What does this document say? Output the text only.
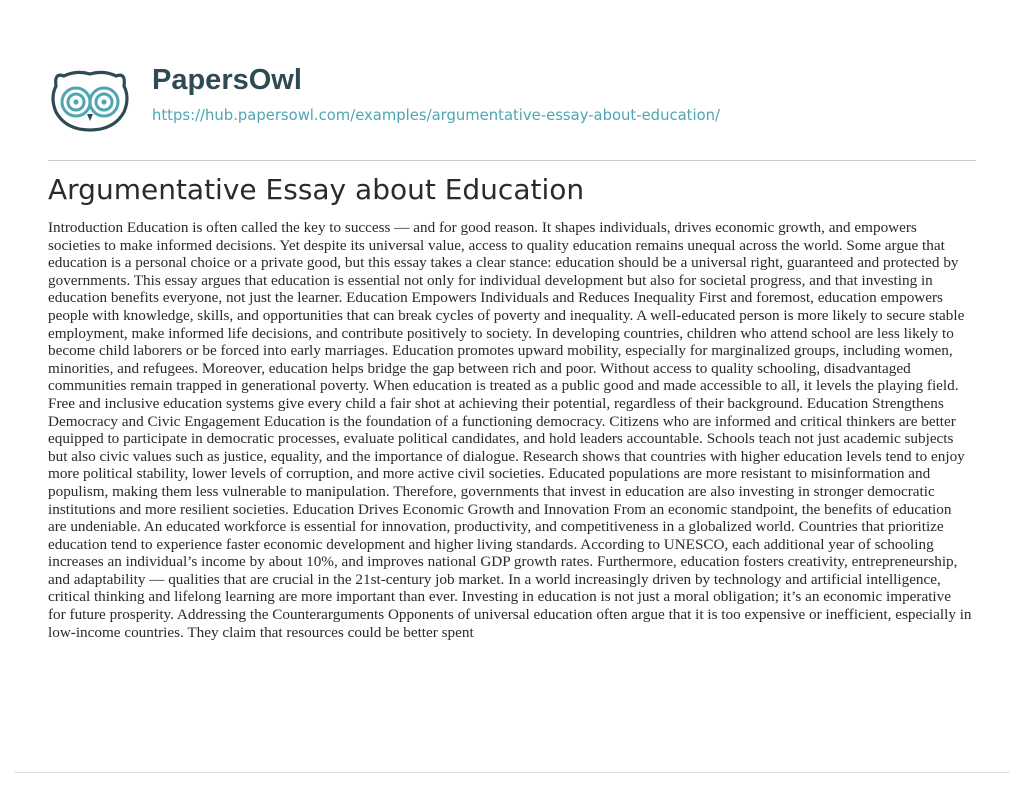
PapersOwl
https://hub.papersowl.com/examples/argumentative-essay-about-education/
Argumentative Essay about Education

Introduction Education is often called the key to success — and for good reason. It shapes individuals, drives economic growth, and empowers societies to make informed decisions. Yet despite its universal value, access to quality education remains unequal across the world. Some argue that education is a personal choice or a private good, but this essay takes a clear stance: education should be a universal right, guaranteed and protected by governments. This essay argues that education is essential not only for individual development but also for societal progress, and that investing in education benefits everyone, not just the learner. Education Empowers Individuals and Reduces Inequality First and foremost, education empowers people with knowledge, skills, and opportunities that can break cycles of poverty and inequality. A well-educated person is more likely to secure stable employment, make informed life decisions, and contribute positively to society. In developing countries, children who attend school are less likely to become child laborers or be forced into early marriages. Education promotes upward mobility, especially for marginalized groups, including women, minorities, and refugees. Moreover, education helps bridge the gap between rich and poor. Without access to quality schooling, disadvantaged communities remain trapped in generational poverty. When education is treated as a public good and made accessible to all, it levels the playing field. Free and inclusive education systems give every child a fair shot at achieving their potential, regardless of their background. Education Strengthens Democracy and Civic Engagement Education is the foundation of a functioning democracy. Citizens who are informed and critical thinkers are better equipped to participate in democratic processes, evaluate political candidates, and hold leaders accountable. Schools teach not just academic subjects but also civic values such as justice, equality, and the importance of dialogue. Research shows that countries with higher education levels tend to enjoy more political stability, lower levels of corruption, and more active civil societies. Educated populations are more resistant to misinformation and populism, making them less vulnerable to manipulation. Therefore, governments that invest in education are also investing in stronger democratic institutions and more resilient societies. Education Drives Economic Growth and Innovation From an economic standpoint, the benefits of education are undeniable. An educated workforce is essential for innovation, productivity, and competitiveness in a globalized world. Countries that prioritize education tend to experience faster economic development and higher living standards. According to UNESCO, each additional year of schooling increases an individual’s income by about 10%, and improves national GDP growth rates. Furthermore, education fosters creativity, entrepreneurship, and adaptability — qualities that are crucial in the 21st-century job market. In a world increasingly driven by technology and artificial intelligence, critical thinking and lifelong learning are more important than ever. Investing in education is not just a moral obligation; it’s an economic imperative for future prosperity. Addressing the Counterarguments Opponents of universal education often argue that it is too expensive or inefficient, especially in low-income countries. They claim that resources could be better spent
